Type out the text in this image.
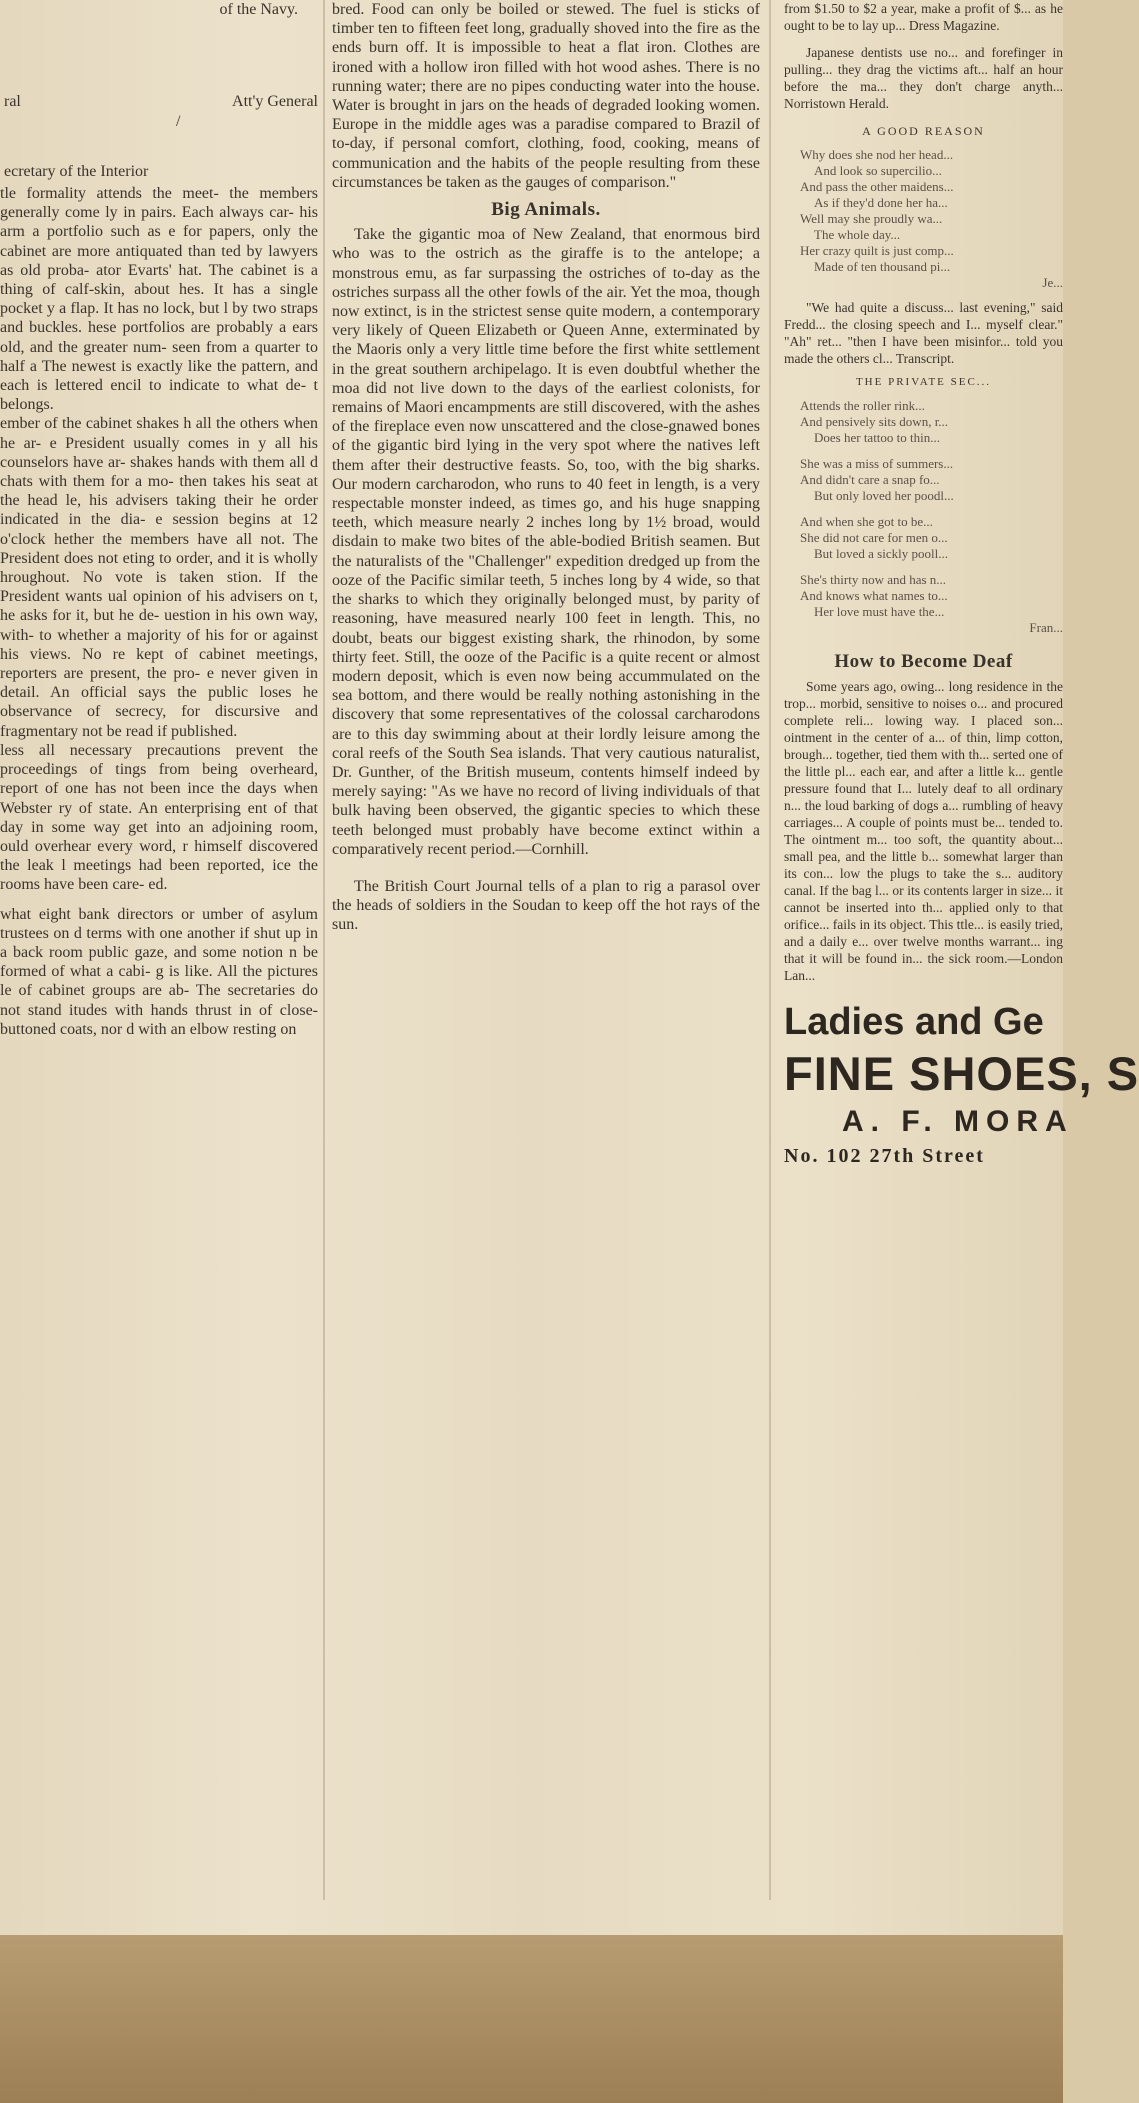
of the Navy.
ral	Att'y General
/
ecretary of the Interior

tle formality attends the meet- the members generally come ly in pairs. Each always car- his arm a portfolio such as e for papers, only the cabinet are more antiquated than ted by lawyers as old proba- ator Evarts' hat. The cabinet is a thing of calf-skin, about hes. It has a single pocket y a flap. It has no lock, but l by two straps and buckles. hese portfolios are probably a ears old, and the greater num- seen from a quarter to half a The newest is exactly like the pattern, and each is lettered encil to indicate to what de- t belongs.

ember of the cabinet shakes h all the others when he ar- e President usually comes in y all his counselors have ar- shakes hands with them all d chats with them for a mo- then takes his seat at the head le, his advisers taking their he order indicated in the dia- e session begins at 12 o'clock hether the members have all not. The President does not eting to order, and it is wholly hroughout. No vote is taken stion. If the President wants ual opinion of his advisers on t, he asks for it, but he de- uestion in his own way, with- to whether a majority of his for or against his views. No re kept of cabinet meetings, reporters are present, the pro- e never given in detail. An official says the public loses he observance of secrecy, for discursive and fragmentary not be read if published.

less all necessary precautions prevent the proceedings of tings from being overheard, report of one has not been ince the days when Webster ry of state. An enterprising ent of that day in some way get into an adjoining room, ould overhear every word, r himself discovered the leak l meetings had been reported, ice the rooms have been care- ed.

what eight bank directors or umber of asylum trustees on d terms with one another if shut up in a back room public gaze, and some notion n be formed of what a cabi- g is like. All the pictures le of cabinet groups are ab- The secretaries do not stand itudes with hands thrust in of close-buttoned coats, nor d with an elbow resting on

bred. Food can only be boiled or stewed. The fuel is sticks of timber ten to fifteen feet long, gradually shoved into the fire as the ends burn off. It is impossible to heat a flat iron. Clothes are ironed with a hollow iron filled with hot wood ashes. There is no running water; there are no pipes conducting water into the house. Water is brought in jars on the heads of degraded looking women. Europe in the middle ages was a paradise compared to Brazil of to-day, if personal comfort, clothing, food, cooking, means of communication and the habits of the people resulting from these circumstances be taken as the gauges of comparison."

Big Animals.

Take the gigantic moa of New Zealand, that enormous bird who was to the ostrich as the giraffe is to the antelope; a monstrous emu, as far surpassing the ostriches of to-day as the ostriches surpass all the other fowls of the air. Yet the moa, though now extinct, is in the strictest sense quite modern, a contemporary very likely of Queen Elizabeth or Queen Anne, exterminated by the Maoris only a very little time before the first white settlement in the great southern archipelago. It is even doubtful whether the moa did not live down to the days of the earliest colonists, for remains of Maori encampments are still discovered, with the ashes of the fireplace even now unscattered and the close-gnawed bones of the gigantic bird lying in the very spot where the natives left them after their destructive feasts. So, too, with the big sharks. Our modern carcharodon, who runs to 40 feet in length, is a very respectable monster indeed, as times go, and his huge snapping teeth, which measure nearly 2 inches long by 1½ broad, would disdain to make two bites of the able-bodied British seamen. But the naturalists of the "Challenger" expedition dredged up from the ooze of the Pacific similar teeth, 5 inches long by 4 wide, so that the sharks to which they originally belonged must, by parity of reasoning, have measured nearly 100 feet in length. This, no doubt, beats our biggest existing shark, the rhinodon, by some thirty feet. Still, the ooze of the Pacific is a quite recent or almost modern deposit, which is even now being accummulated on the sea bottom, and there would be really nothing astonishing in the discovery that some representatives of the colossal carcharodons are to this day swimming about at their lordly leisure among the coral reefs of the South Sea islands. That very cautious naturalist, Dr. Gunther, of the British museum, contents himself indeed by merely saying: "As we have no record of living individuals of that bulk having been observed, the gigantic species to which these teeth belonged must probably have become extinct within a comparatively recent period.—Cornhill.

The British Court Journal tells of a plan to rig a parasol over the heads of soldiers in the Soudan to keep off the hot rays of the sun.

from $1.50 to $2 a year, make a profit of $... as he ought to be to lay up... Dress Magazine.

Japanese dentists use no... and forefinger in pulling... they drag the victims aft... half an hour before the ma... they don't charge anyth... Norristown Herald.

A GOOD REASON
Why does she nod her head...
And look so supercilio...
And pass the other maidens...
As if they'd done her ha...
Well may she proudly wa...
The whole day...
Her crazy quilt is just comp...
Made of ten thousand pi...
Je...

"We had quite a discuss... last evening," said Fredd... the closing speech and I... myself clear." "Ah" ret... "then I have been misinfor... told you made the others cl... Transcript.

THE PRIVATE SEC...
Attends the roller rink...
And pensively sits down, r...
Does her tattoo to thin...
She was a miss of summers...
And didn't care a snap fo...
But only loved her poodl...
And when she got to be...
She did not care for men o...
But loved a sickly pooll...
She's thirty now and has n...
And knows what names to...
Her love must have the...
Fran...
How to Become Deaf

Some years ago, owing... long residence in the trop... morbid, sensitive to noises o... and procured complete reli... lowing way. I placed son... ointment in the center of a... of thin, limp cotton, brough... together, tied them with th... serted one of the little pl... each ear, and after a little k... gentle pressure found that I... lutely deaf to all ordinary n... the loud barking of dogs a... rumbling of heavy carriages... A couple of points must be... tended to. The ointment m... too soft, the quantity about... small pea, and the little b... somewhat larger than its con... low the plugs to take the s... auditory canal. If the bag l... or its contents larger in size... it cannot be inserted into th... applied only to that orifice... fails in its object. This ttle... is easily tried, and a daily e... over twelve months warrant... ing that it will be found in... the sick room.—London Lan...

Ladies and Ge
FINE SHOES, S
A. F. MORA
No. 102 27th Street
